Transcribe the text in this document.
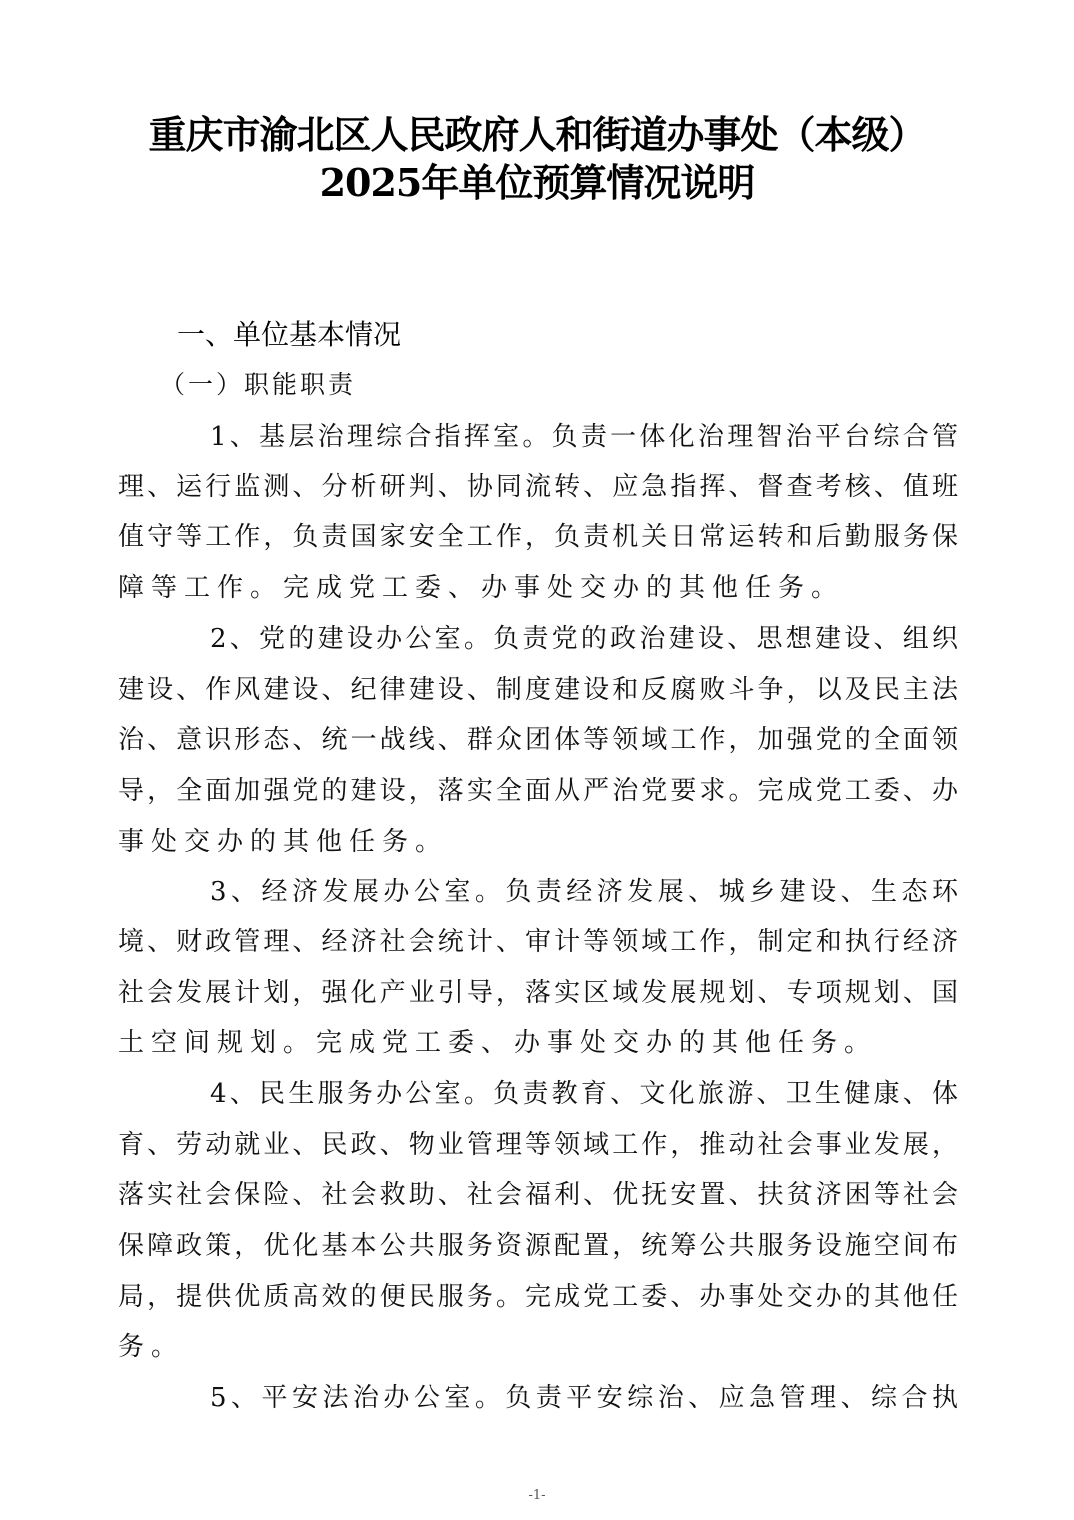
重庆市渝北区人民政府人和街道办事处（本级）
2025年单位预算情况说明
一、单位基本情况
（一）职能职责
1、基层治理综合指挥室。负责一体化治理智治平台综合管
理、运行监测、分析研判、协同流转、应急指挥、督查考核、值班
值守等工作，负责国家安全工作，负责机关日常运转和后勤服务保
障等工作。完成党工委、办事处交办的其他任务。
2、党的建设办公室。负责党的政治建设、思想建设、组织
建设、作风建设、纪律建设、制度建设和反腐败斗争，以及民主法
治、意识形态、统一战线、群众团体等领域工作，加强党的全面领
导，全面加强党的建设，落实全面从严治党要求。完成党工委、办
事处交办的其他任务。
3、经济发展办公室。负责经济发展、城乡建设、生态环
境、财政管理、经济社会统计、审计等领域工作，制定和执行经济
社会发展计划，强化产业引导，落实区域发展规划、专项规划、国
土空间规划。完成党工委、办事处交办的其他任务。
4、民生服务办公室。负责教育、文化旅游、卫生健康、体
育、劳动就业、民政、物业管理等领域工作，推动社会事业发展，
落实社会保险、社会救助、社会福利、优抚安置、扶贫济困等社会
保障政策，优化基本公共服务资源配置，统筹公共服务设施空间布
局，提供优质高效的便民服务。完成党工委、办事处交办的其他任
务。
5、平安法治办公室。负责平安综治、应急管理、综合执
-1-
